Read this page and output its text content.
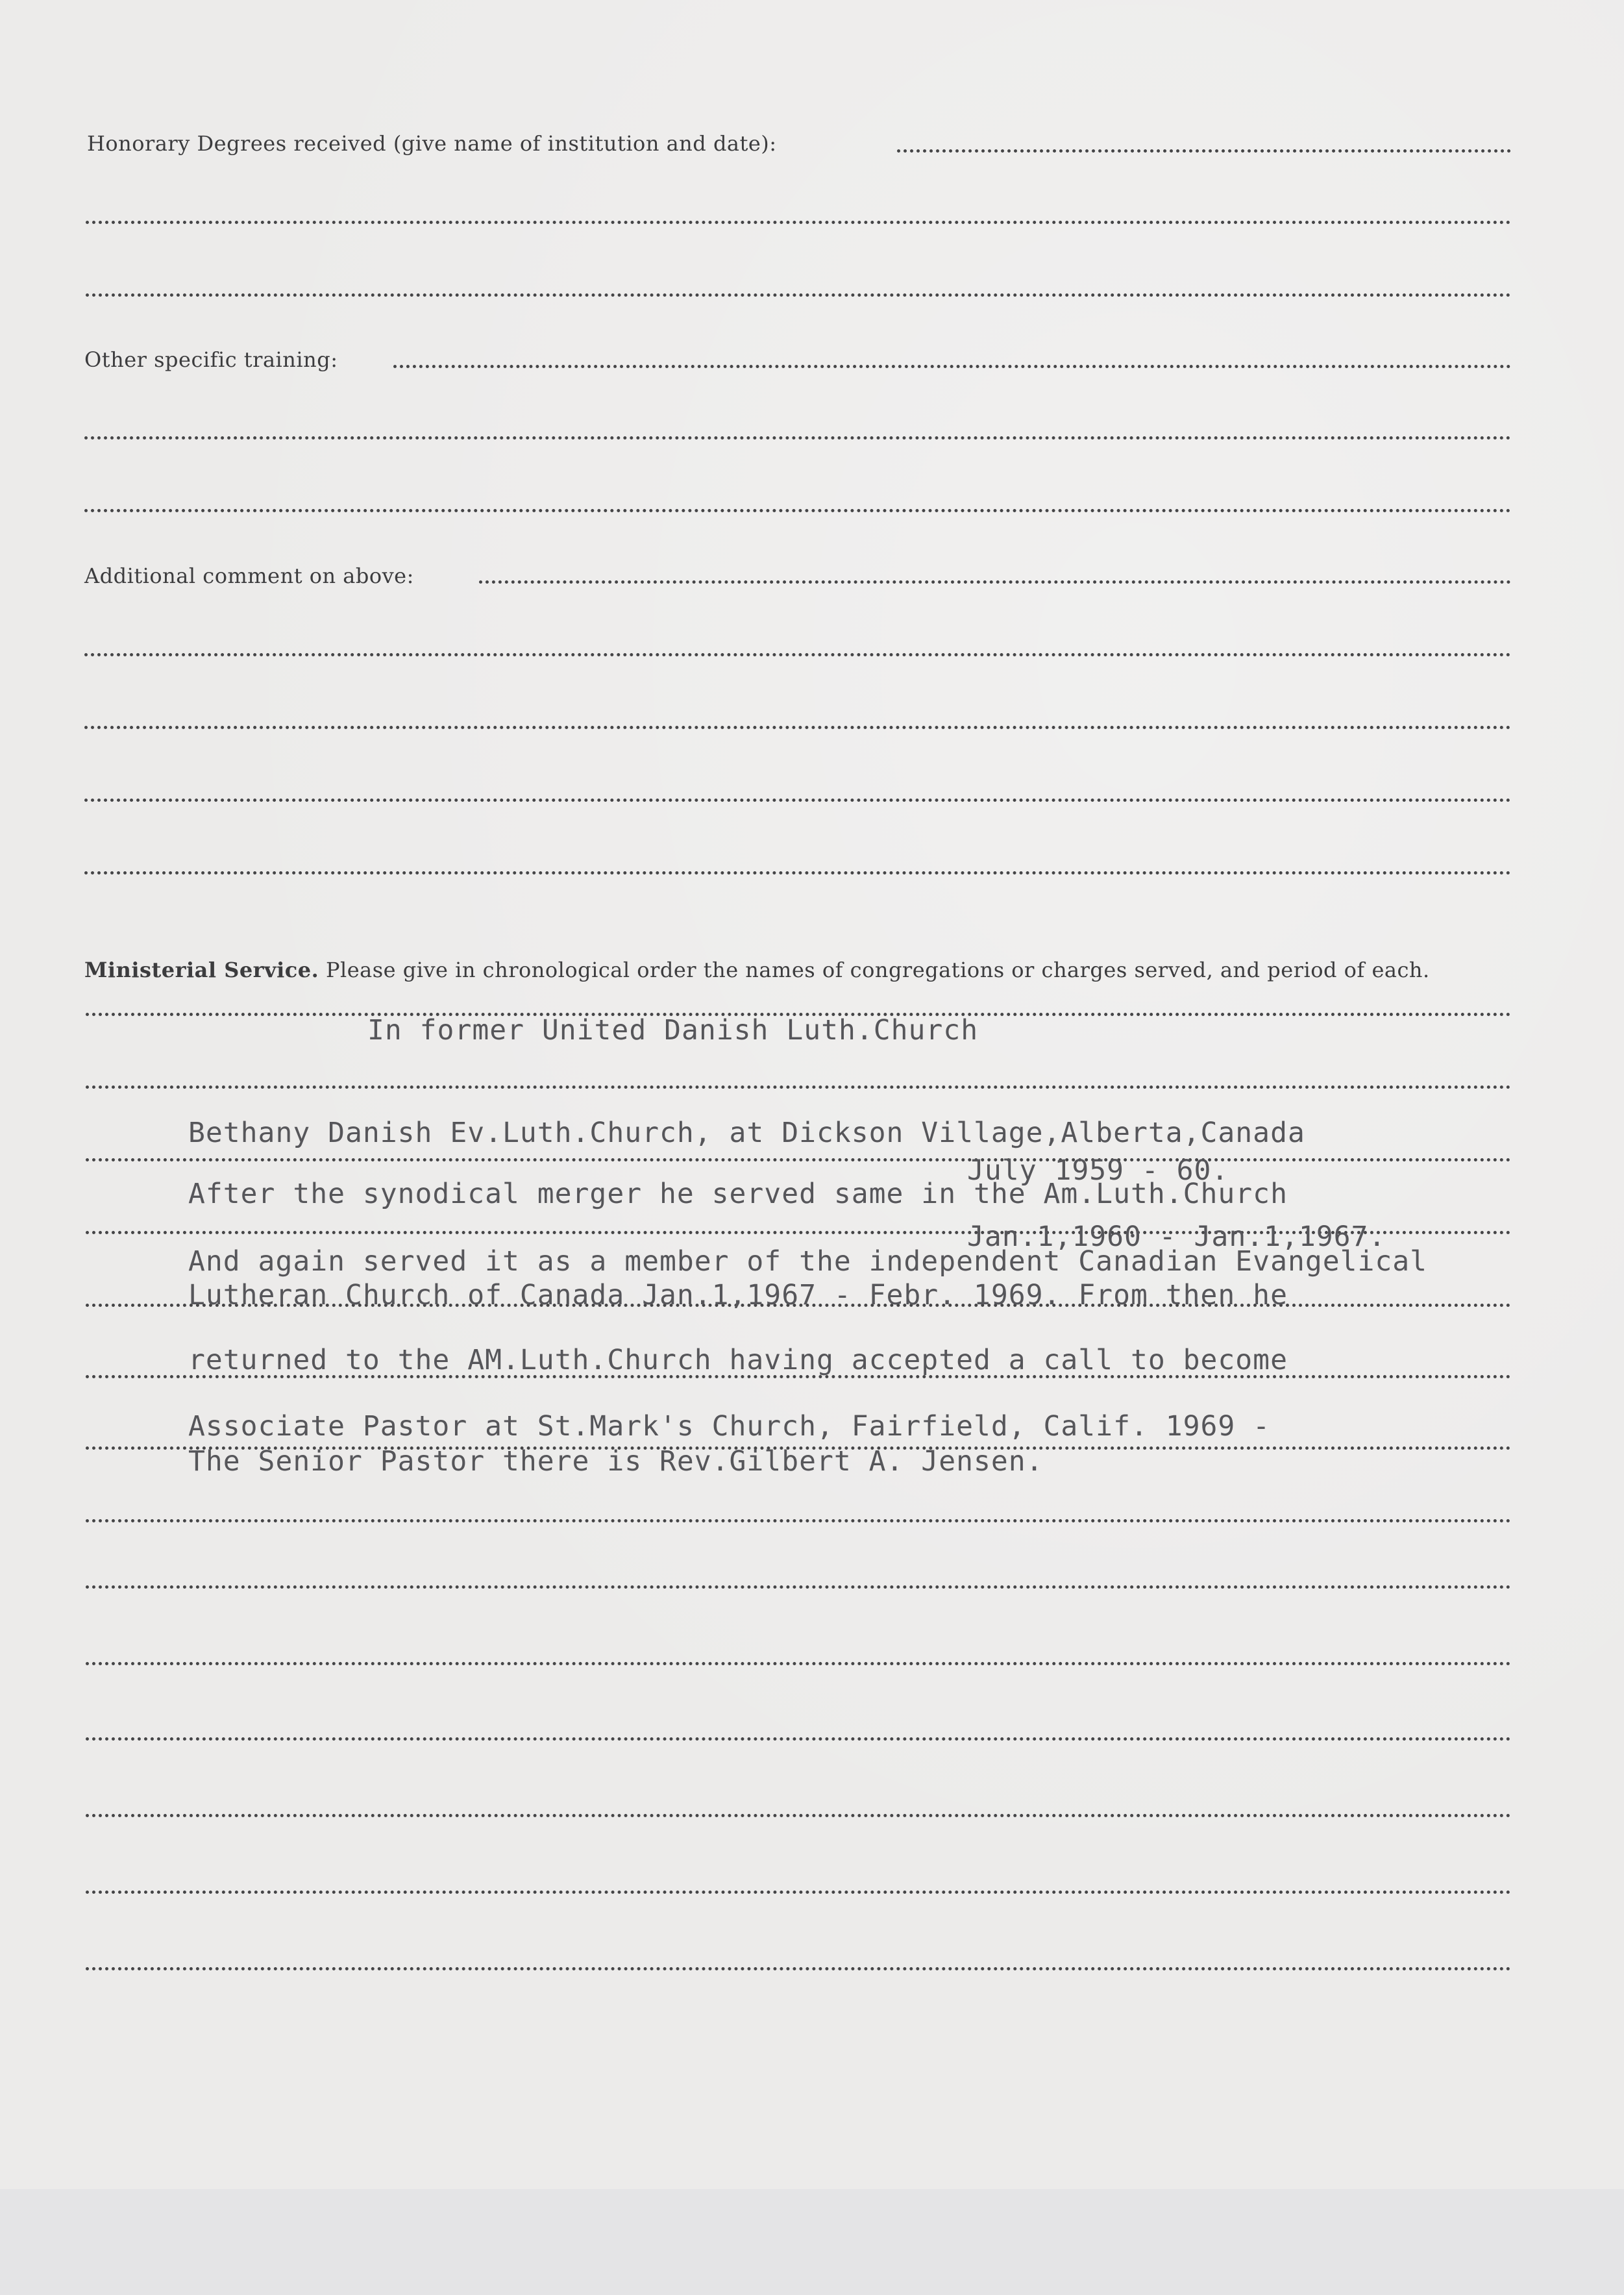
Honorary Degrees received (give name of institution and date):
Other specific training:
Additional comment on above:
Ministerial Service. Please give in chronological order the names of congregations or charges served, and period of each.
In former United Danish Luth.Church
Bethany Danish Ev.Luth.Church, at Dickson Village,Alberta,Canada
July 1959 - 60.
After the synodical merger he served same in the Am.Luth.Church
Jan.1,1960 - Jan.1,1967.
And again served it as a member of the independent Canadian Evangelical
Lutheran Church of Canada Jan.1,1967 - Febr. 1969. From then he
returned to the AM.Luth.Church having accepted a call to become
Associate Pastor at St.Mark's Church, Fairfield, Calif. 1969 -
The Senior Pastor there is Rev.Gilbert A. Jensen.
